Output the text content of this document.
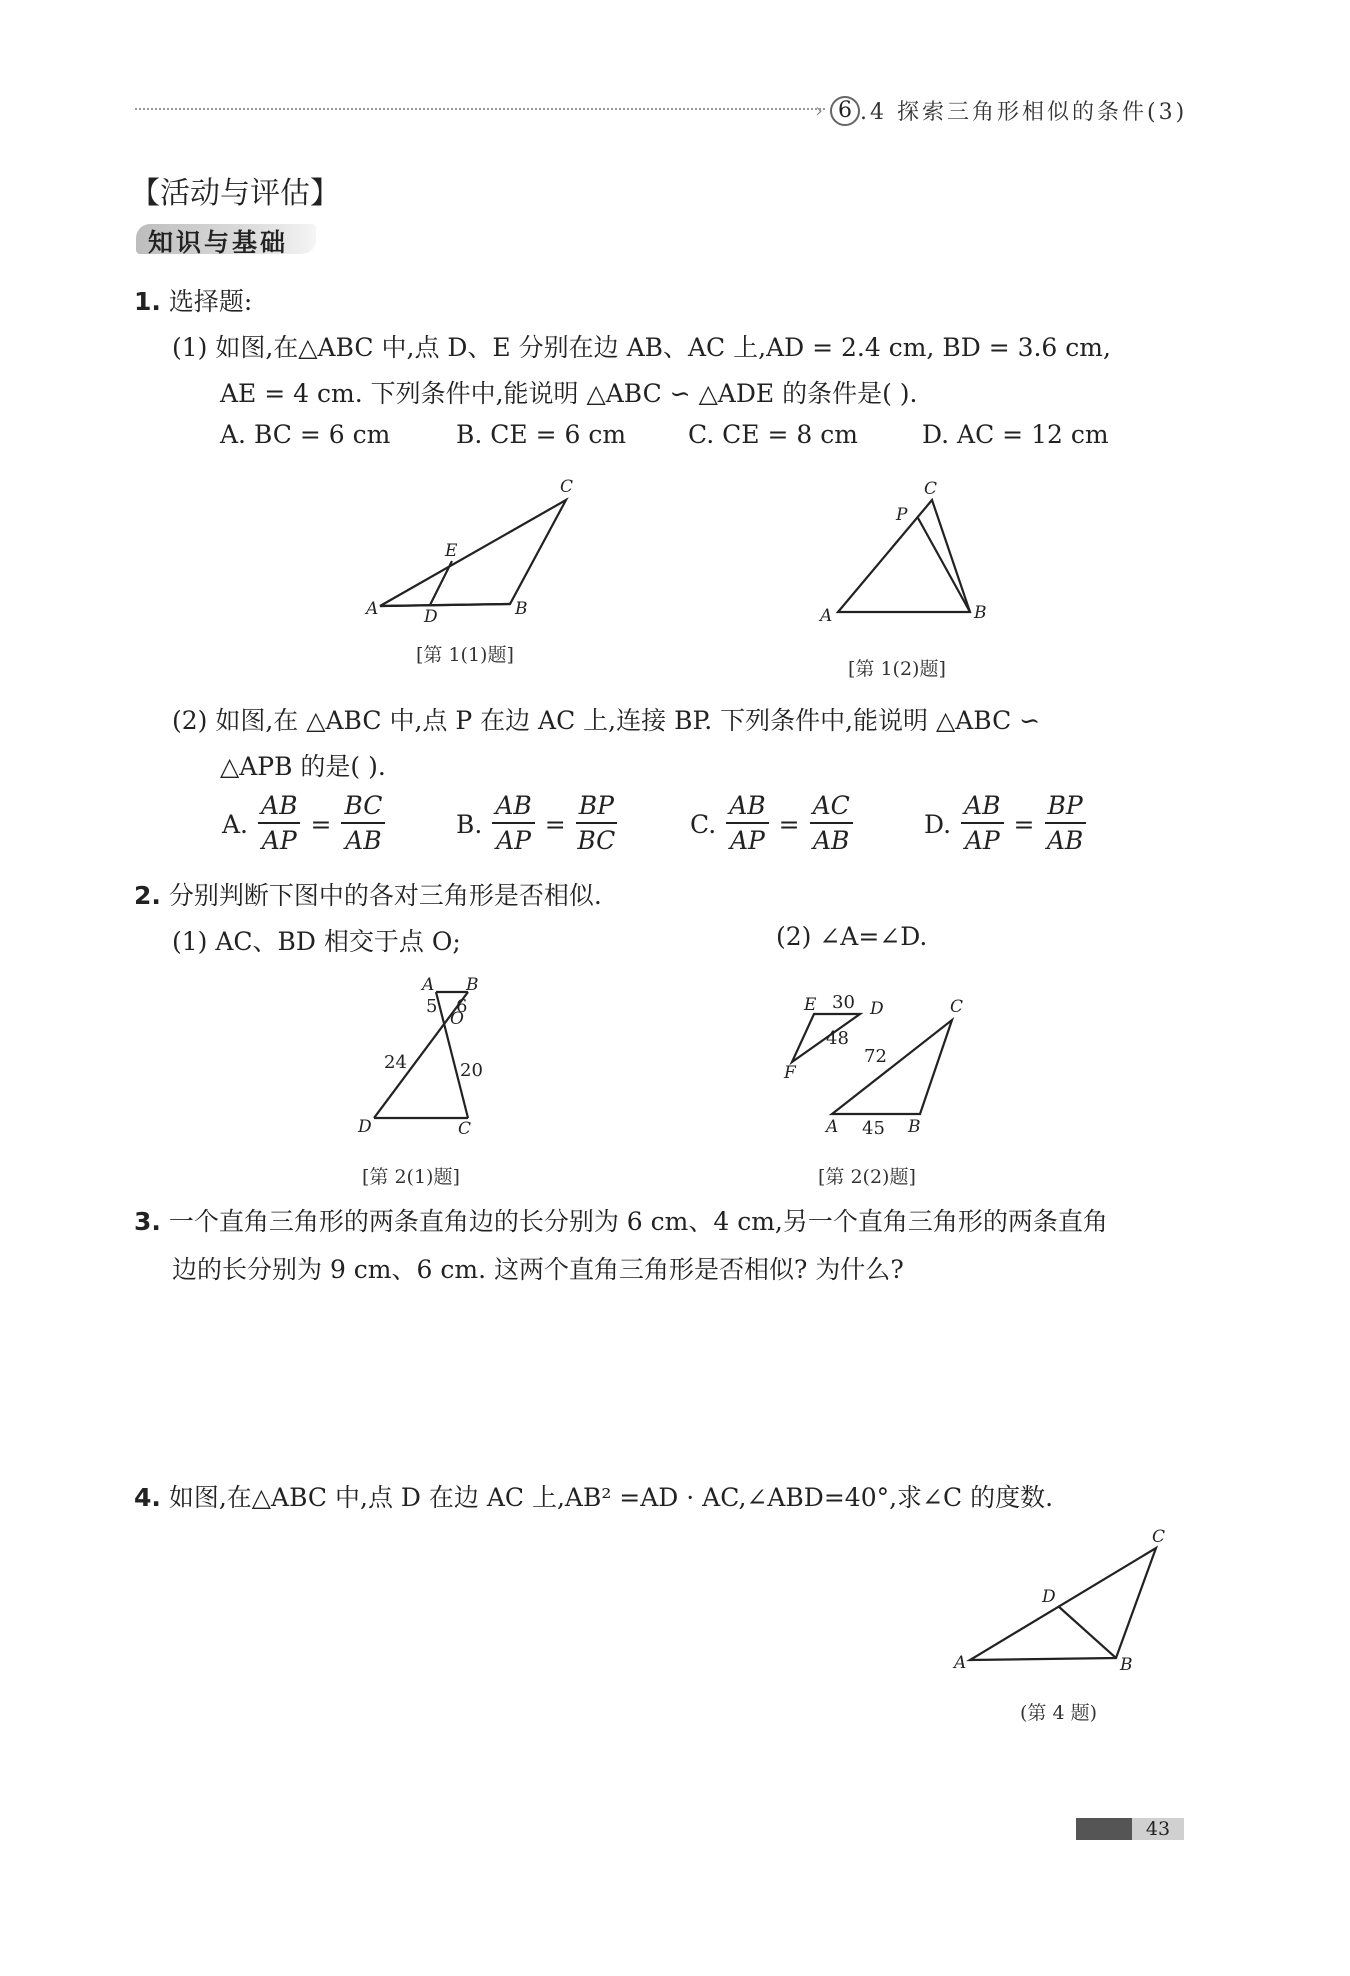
› 6 .4 探索三角形相似的条件(3)
【活动与评估】
知识与基础
1. 选择题:
(1) 如图,在△ABC 中,点 D、E 分别在边 AB、AC 上,AD = 2.4 cm, BD = 3.6 cm,
AE = 4 cm. 下列条件中,能说明 △ABC ∽ △ADE 的条件是( ).
A. BC = 6 cm	B. CE = 6 cm C. CE = 8 cm	D. AC = 12 cm
A	D	B
E
C
[第 1(1)题]
A	B
C
P
[第 1(2)题]
(2) 如图,在 △ABC 中,点 P 在边 AC 上,连接 BP. 下列条件中,能说明 △ABC ∽
△APB 的是( ).
A. $\frac{AB}{AP} = \frac{BC}{AB}$	B. $\frac{AB}{AP} = \frac{BP}{BC}$	C. $\frac{AB}{AP} = \frac{AC}{AB}$	D. $\frac{AB}{AP} = \frac{BP}{AB}$
2. 分别判断下图中的各对三角形是否相似.
(1) AC、BD 相交于点 O;	(2) ∠A=∠D.
A B
O
D	C
5 6
24	20
[第 2(1)题]
E	D
F
A	B
C
30
48
72
45
[第 2(2)题]
3. 一个直角三角形的两条直角边的长分别为 6 cm、4 cm,另一个直角三角形的两条直角
边的长分别为 9 cm、6 cm. 这两个直角三角形是否相似? 为什么?
4. 如图,在△ABC 中,点 D 在边 AC 上,AB² =AD · AC,∠ABD=40°,求∠C 的度数.
A	B
C
D
(第 4 题)
43
